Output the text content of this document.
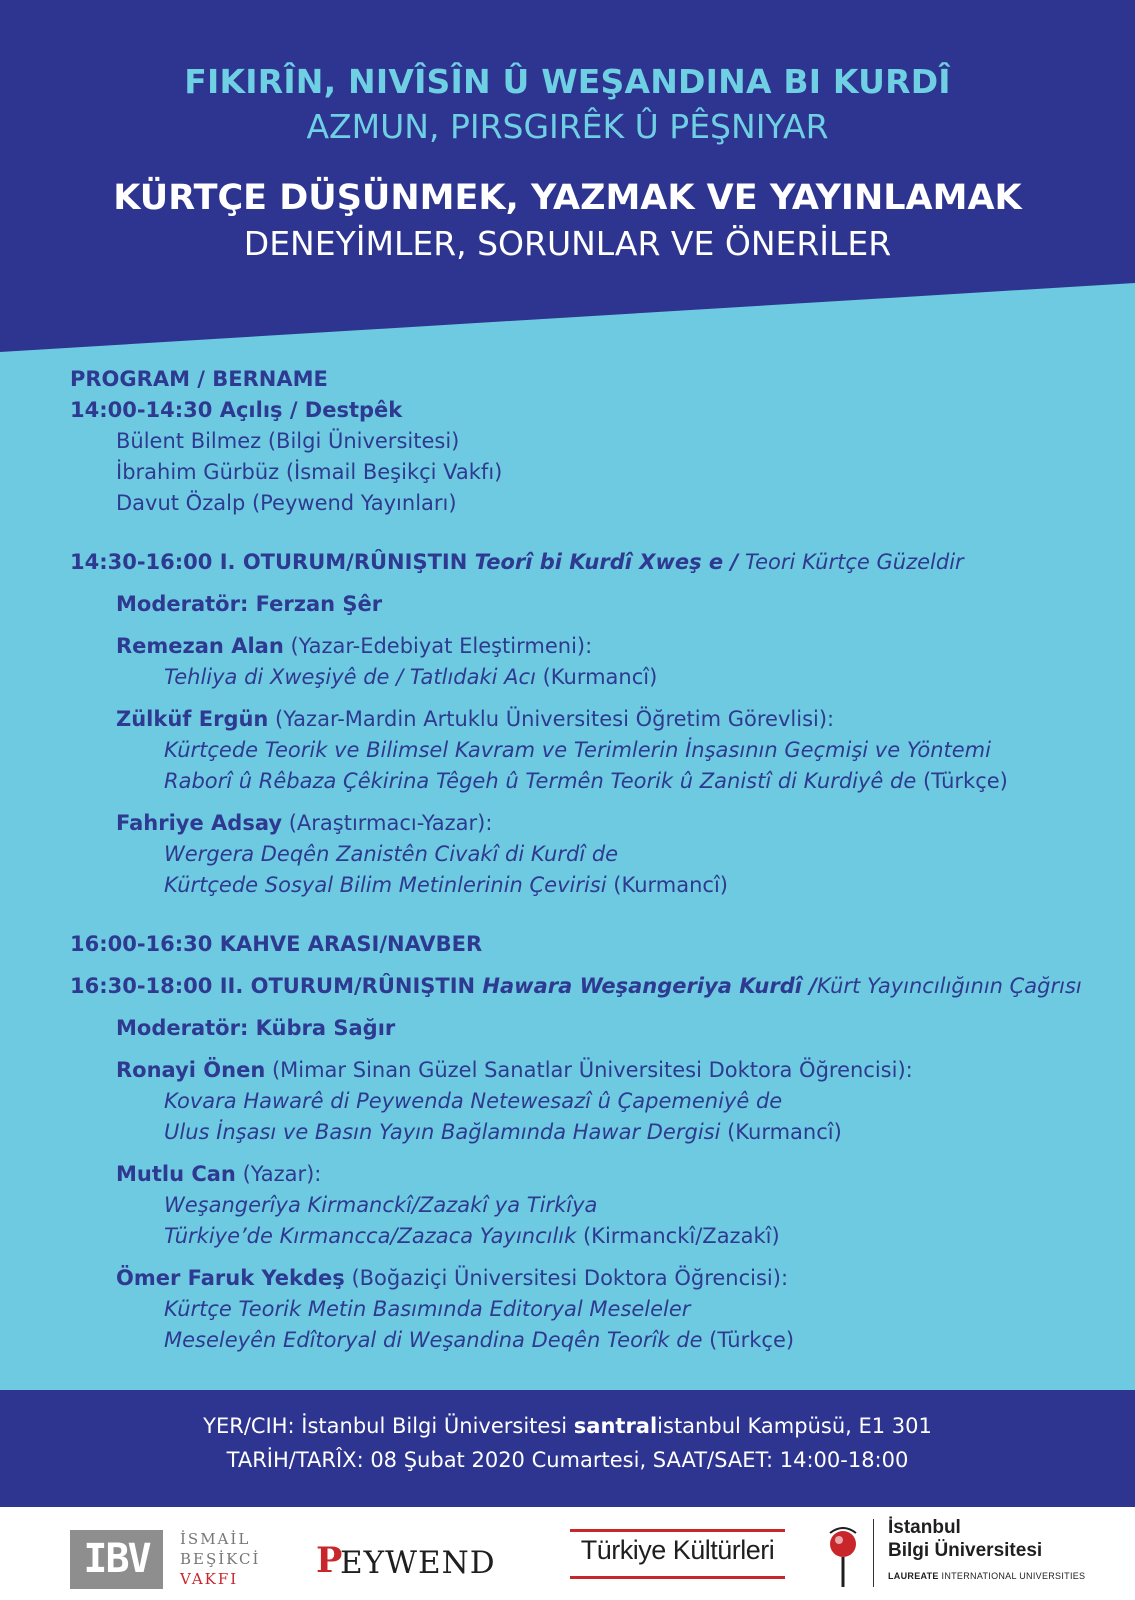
FIKIRÎN, NIVÎSÎN Û WEŞANDINA BI KURDÎ
AZMUN, PIRSGIRÊK Û PÊŞNIYAR
KÜRTÇE DÜŞÜNMEK, YAZMAK VE YAYINLAMAK
DENEYİMLER, SORUNLAR VE ÖNERİLER
PROGRAM / BERNAME
14:00-14:30 Açılış / Destpêk
Bülent Bilmez (Bilgi Üniversitesi)
İbrahim Gürbüz (İsmail Beşikçi Vakfı)
Davut Özalp (Peywend Yayınları)
14:30-16:00 I. OTURUM/RÛNIŞTIN Teorî bi Kurdî Xweş e / Teori Kürtçe Güzeldir
Moderatör: Ferzan Şêr
Remezan Alan (Yazar-Edebiyat Eleştirmeni):
Tehliya di Xweşiyê de / Tatlıdaki Acı (Kurmancî)
Zülküf Ergün (Yazar-Mardin Artuklu Üniversitesi Öğretim Görevlisi):
Kürtçede Teorik ve Bilimsel Kavram ve Terimlerin İnşasının Geçmişi ve Yöntemi
Raborî û Rêbaza Çêkirina Têgeh û Termên Teorik û Zanistî di Kurdiyê de (Türkçe)
Fahriye Adsay (Araştırmacı-Yazar):
Wergera Deqên Zanistên Civakî di Kurdî de
Kürtçede Sosyal Bilim Metinlerinin Çevirisi (Kurmancî)
16:00-16:30 KAHVE ARASI/NAVBER
16:30-18:00 II. OTURUM/RÛNIŞTIN Hawara Weşangeriya Kurdî /Kürt Yayıncılığının Çağrısı
Moderatör: Kübra Sağır
Ronayi Önen (Mimar Sinan Güzel Sanatlar Üniversitesi Doktora Öğrencisi):
Kovara Hawarê di Peywenda Netewesazî û Çapemeniyê de
Ulus İnşası ve Basın Yayın Bağlamında Hawar Dergisi (Kurmancî)
Mutlu Can (Yazar):
Weşangerîya Kirmanckî/Zazakî ya Tirkîya
Türkiye’de Kırmancca/Zazaca Yayıncılık (Kirmanckî/Zazakî)
Ömer Faruk Yekdeş (Boğaziçi Üniversitesi Doktora Öğrencisi):
Kürtçe Teorik Metin Basımında Editoryal Meseleler
Meseleyên Edîtoryal di Weşandina Deqên Teorîk de (Türkçe)
YER/CIH: İstanbul Bilgi Üniversitesi santralistanbul Kampüsü, E1 301
TARİH/TARÎX: 08 Şubat 2020 Cumartesi, SAAT/SAET: 14:00-18:00
IBV	İSMAİL
BEŞİKCİ
VAKFI P
EYWEND	Türkiye Kültürleri
İstanbul
Bilgi Üniversitesi
LAUREATE INTERNATIONAL UNIVERSITIES
